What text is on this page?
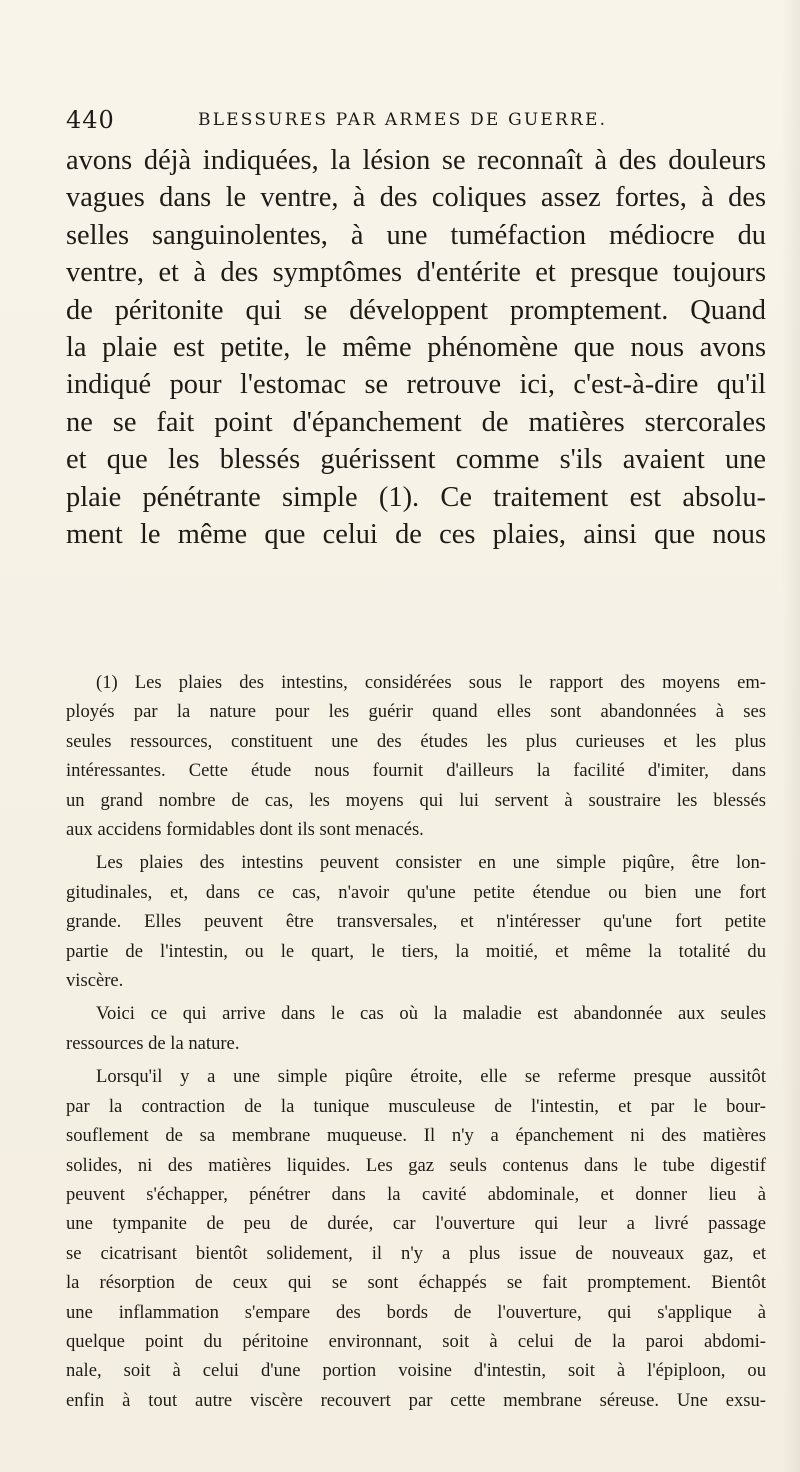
440	BLESSURES PAR ARMES DE GUERRE.
avons déjà indiquées, la lésion se reconnaît à des douleurs
vagues dans le ventre, à des coliques assez fortes, à des
selles sanguinolentes, à une tuméfaction médiocre du
ventre, et à des symptômes d'entérite et presque toujours
de péritonite qui se développent promptement. Quand
la plaie est petite, le même phénomène que nous avons
indiqué pour l'estomac se retrouve ici, c'est-à-dire qu'il
ne se fait point d'épanchement de matières stercorales
et que les blessés guérissent comme s'ils avaient une
plaie pénétrante simple (1). Ce traitement est absolu-
ment le même que celui de ces plaies, ainsi que nous

(1) Les plaies des intestins, considérées sous le rapport des moyens em-
ployés par la nature pour les guérir quand elles sont abandonnées à ses
seules ressources, constituent une des études les plus curieuses et les plus
intéressantes. Cette étude nous fournit d'ailleurs la facilité d'imiter, dans
un grand nombre de cas, les moyens qui lui servent à soustraire les blessés
aux accidens formidables dont ils sont menacés.

Les plaies des intestins peuvent consister en une simple piqûre, être lon-
gitudinales, et, dans ce cas, n'avoir qu'une petite étendue ou bien une fort
grande. Elles peuvent être transversales, et n'intéresser qu'une fort petite
partie de l'intestin, ou le quart, le tiers, la moitié, et même la totalité du
viscère.

Voici ce qui arrive dans le cas où la maladie est abandonnée aux seules
ressources de la nature.

Lorsqu'il y a une simple piqûre étroite, elle se referme presque aussitôt
par la contraction de la tunique musculeuse de l'intestin, et par le bour-
souflement de sa membrane muqueuse. Il n'y a épanchement ni des matières
solides, ni des matières liquides. Les gaz seuls contenus dans le tube digestif
peuvent s'échapper, pénétrer dans la cavité abdominale, et donner lieu à
une tympanite de peu de durée, car l'ouverture qui leur a livré passage
se cicatrisant bientôt solidement, il n'y a plus issue de nouveaux gaz, et
la résorption de ceux qui se sont échappés se fait promptement. Bientôt
une inflammation s'empare des bords de l'ouverture, qui s'applique à
quelque point du péritoine environnant, soit à celui de la paroi abdomi-
nale, soit à celui d'une portion voisine d'intestin, soit à l'épiploon, ou
enfin à tout autre viscère recouvert par cette membrane séreuse. Une exsu-
